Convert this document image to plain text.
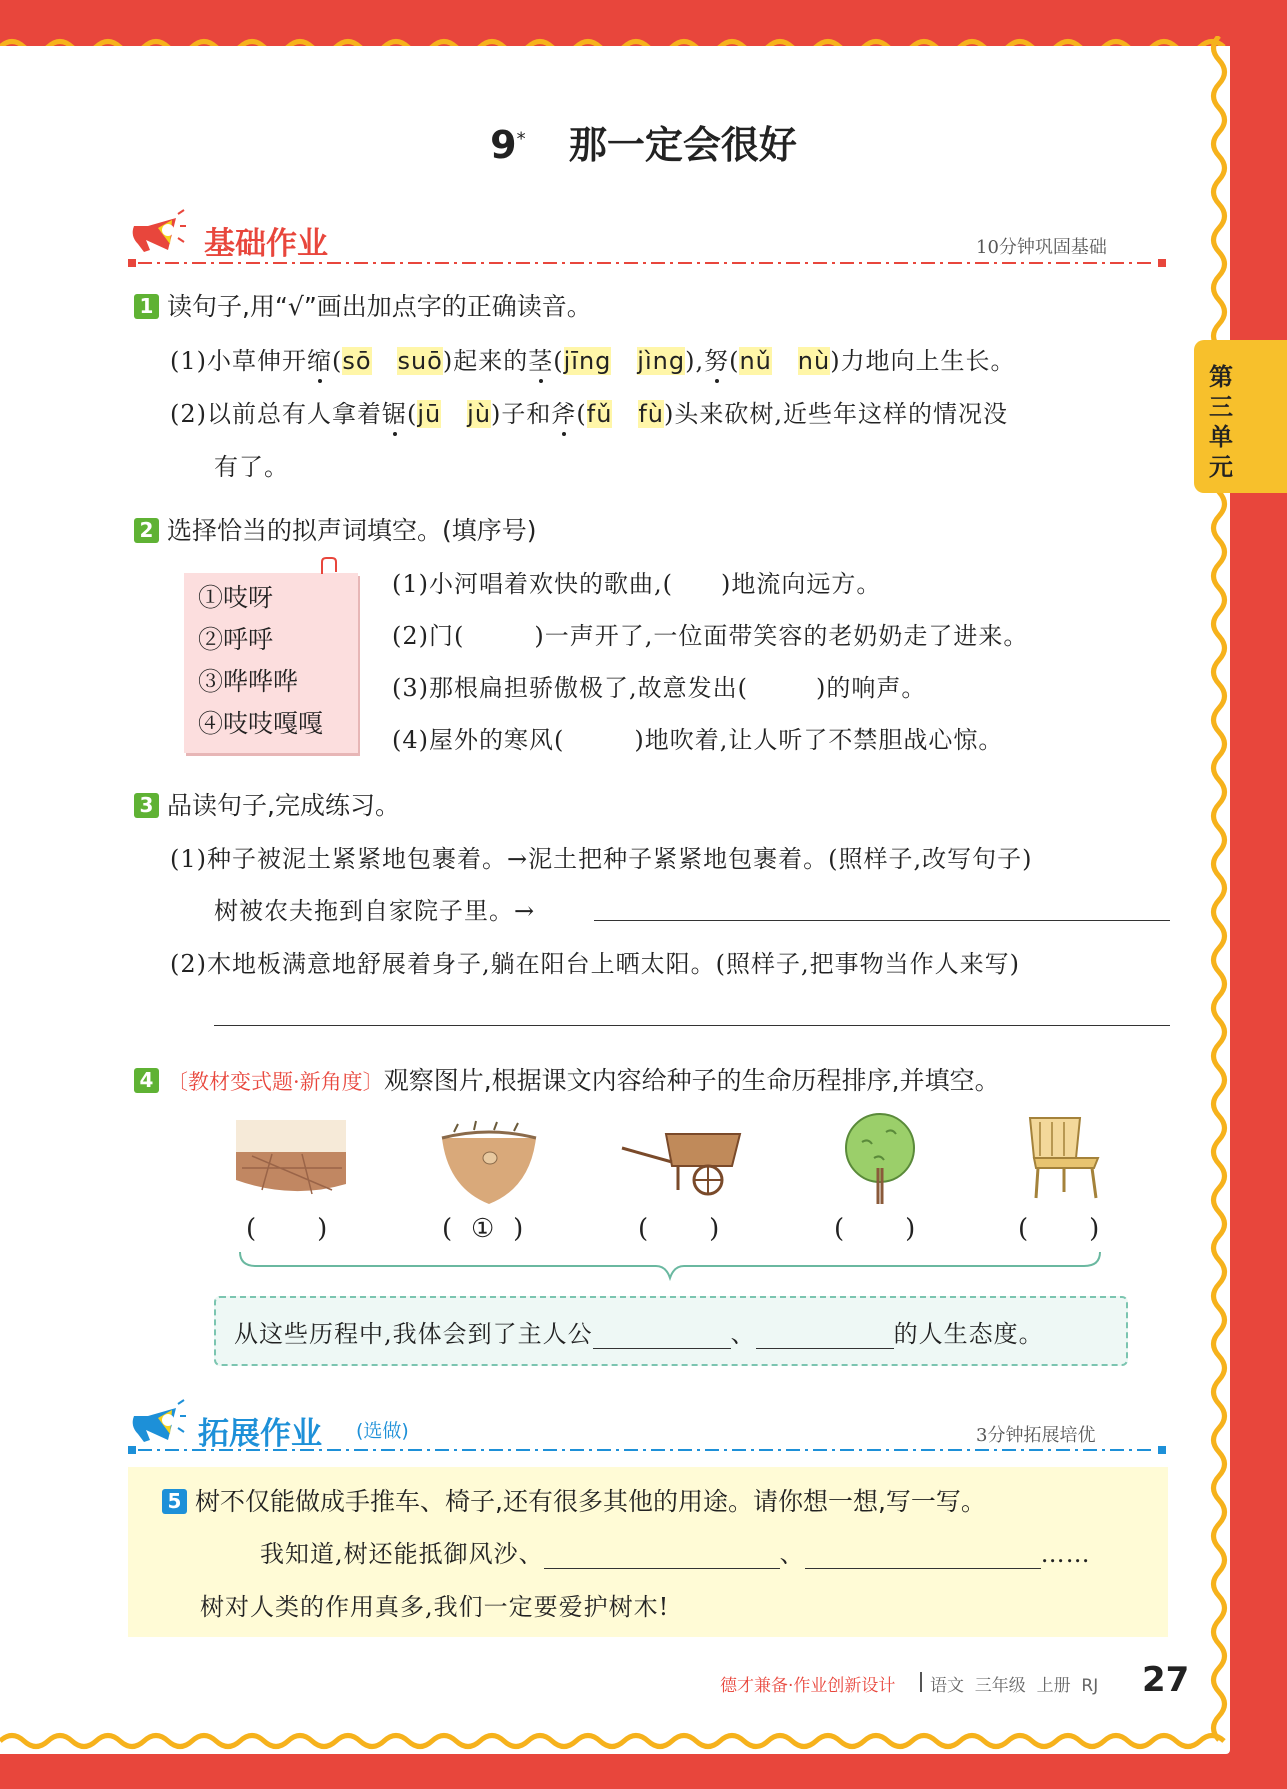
第三单元
9* 那一定会很好
基础作业	10分钟巩固基础
1 读句子,用“√”画出加点字的正确读音。
(1)小草伸开缩(sō suō)起来的茎(jīng jìng),努(nǔ nù)力地向上生长。
(2)以前总有人拿着锯(jū jù)子和斧(fǔ fù)头来砍树,近些年这样的情况没
有了。
2 选择恰当的拟声词填空。(填序号)
①吱呀
②呼呼
③哗哗哗
④吱吱嘎嘎
(1)小河唱着欢快的歌曲,( )地流向远方。
(2)门(	)一声开了,一位面带笑容的老奶奶走了进来。
(3)那根扁担骄傲极了,故意发出(	)的响声。
(4)屋外的寒风(	)地吹着,让人听了不禁胆战心惊。
3 品读句子,完成练习。
(1)种子被泥土紧紧地包裹着。→泥土把种子紧紧地包裹着。(照样子,改写句子)
树被农夫拖到自家院子里。→
(2)木地板满意地舒展着身子,躺在阳台上晒太阳。(照样子,把事物当作人来写)
4 〔教材变式题·新角度〕观察图片,根据课文内容给种子的生命历程排序,并填空。
( )	( ① )	( )	( )	( )
从这些历程中,我体会到了主人公	、	的人生态度。
拓展作业 (选做)	3分钟拓展培优
5 树不仅能做成手推车、椅子,还有很多其他的用途。请你想一想,写一写。
我知道,树还能抵御风沙、	、	……
树对人类的作用真多,我们一定要爱护树木!
德才兼备·作业创新设计 语文  三年级  上册  RJ 27
